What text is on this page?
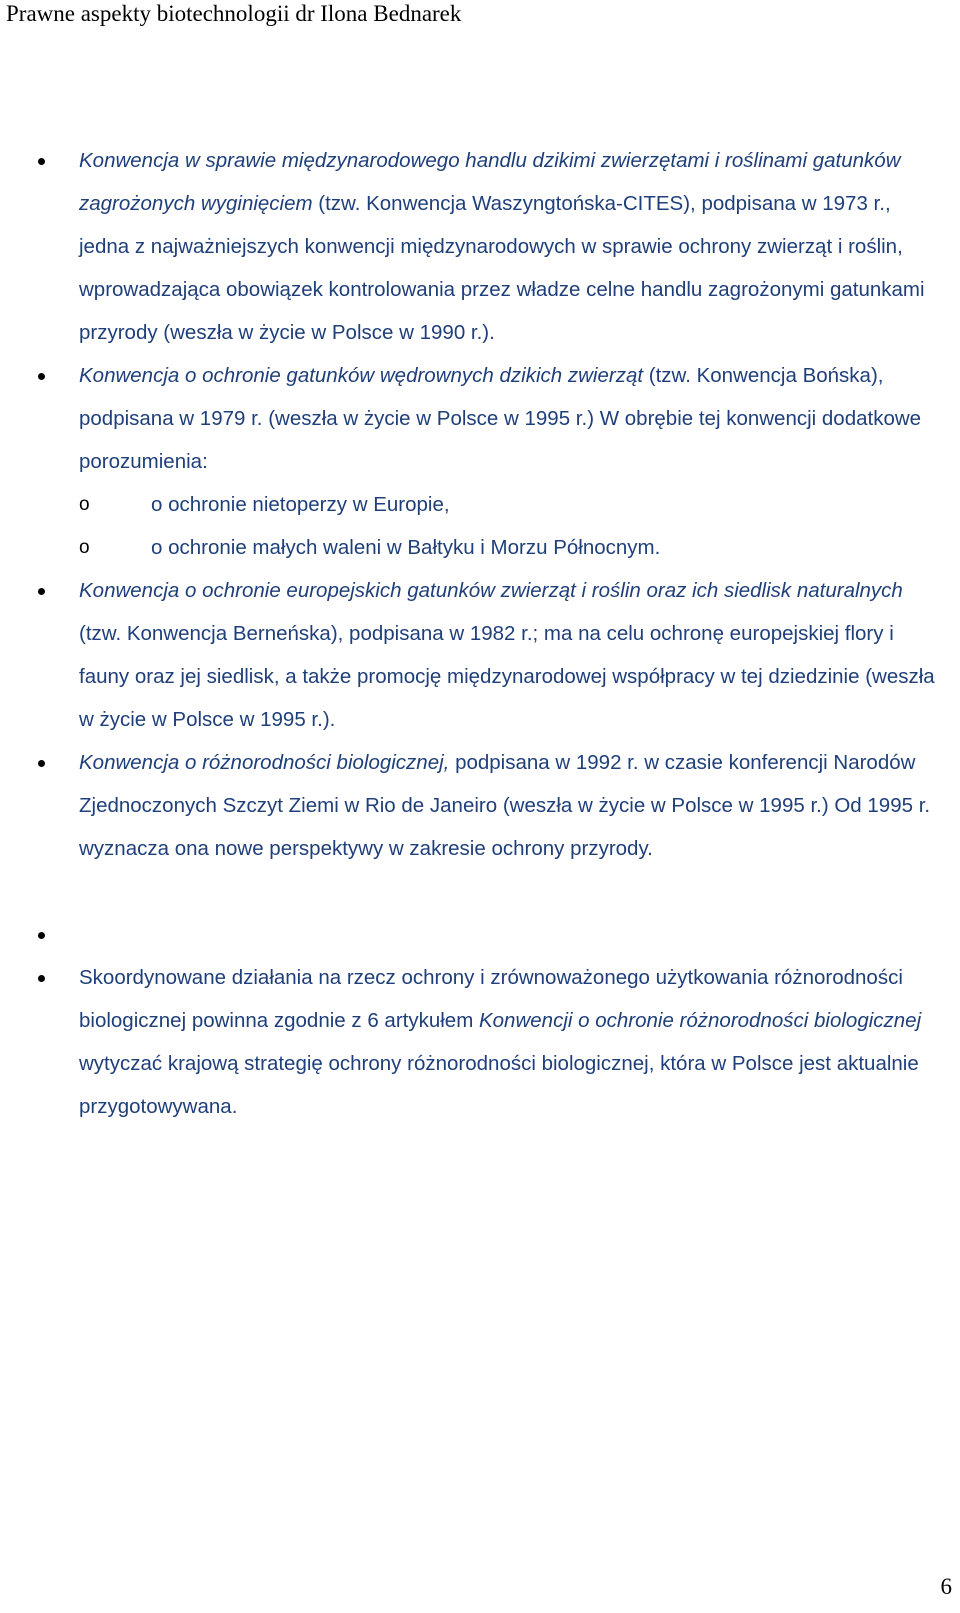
Prawne aspekty biotechnologii dr Ilona Bednarek
Konwencja w sprawie międzynarodowego handlu dzikimi zwierzętami i roślinami gatunków zagrożonych wyginięciem (tzw. Konwencja Waszyngtońska-CITES), podpisana w 1973 r., jedna z najważniejszych konwencji międzynarodowych w sprawie ochrony zwierząt i roślin, wprowadzająca obowiązek kontrolowania przez władze celne handlu zagrożonymi gatunkami przyrody (weszła w życie w Polsce w 1990 r.).
Konwencja o ochronie gatunków wędrownych dzikich zwierząt (tzw. Konwencja Bońska), podpisana w 1979 r. (weszła w życie w Polsce w 1995 r.) W obrębie tej konwencji dodatkowe porozumienia:
o	o ochronie nietoperzy w Europie,
o	o ochronie małych waleni w Bałtyku i Morzu Północnym.
Konwencja o ochronie europejskich gatunków zwierząt i roślin oraz ich siedlisk naturalnych (tzw. Konwencja Berneńska), podpisana w 1982 r.; ma na celu ochronę europejskiej flory i fauny oraz jej siedlisk, a także promocję międzynarodowej współpracy w tej dziedzinie (weszła w życie w Polsce w 1995 r.).
Konwencja o różnorodności biologicznej, podpisana w 1992 r. w czasie konferencji Narodów Zjednoczonych Szczyt Ziemi w Rio de Janeiro (weszła w życie w Polsce w 1995 r.) Od 1995 r. wyznacza ona nowe perspektywy w zakresie ochrony przyrody.
Skoordynowane działania na rzecz ochrony i zrównoważonego użytkowania różnorodności biologicznej powinna zgodnie z 6 artykułem Konwencji o ochronie różnorodności biologicznej wytyczać krajową strategię ochrony różnorodności biologicznej, która w Polsce jest aktualnie przygotowywana.
6
